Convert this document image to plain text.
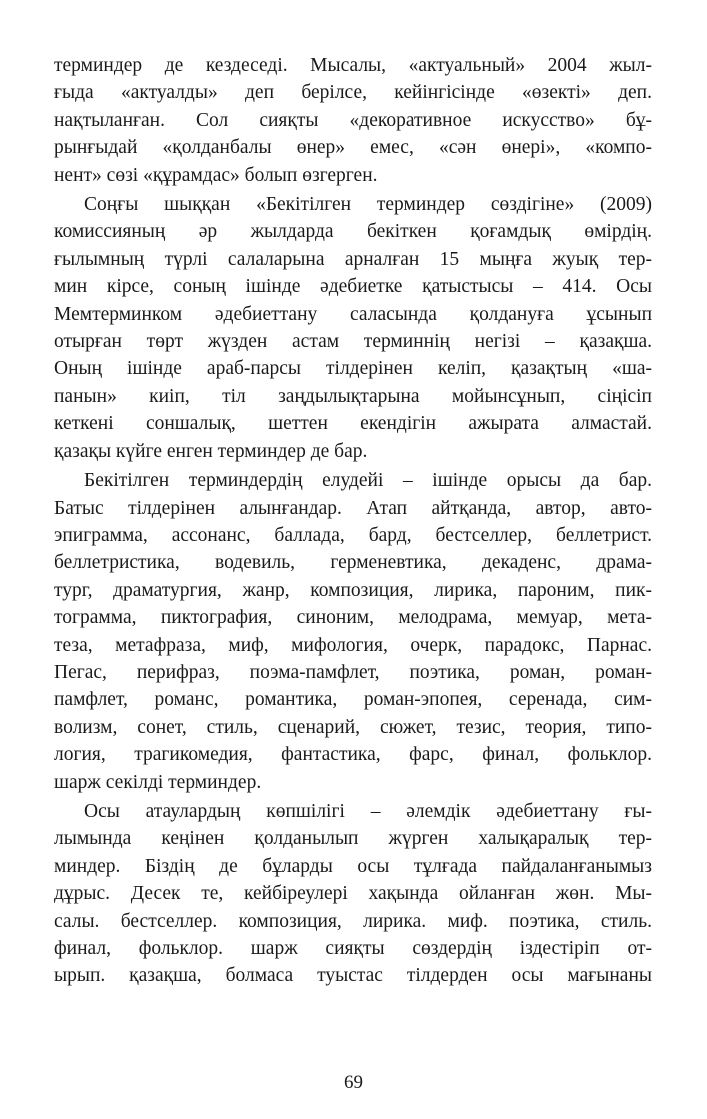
терминдер де кездеседі. Мысалы, «актуальный» 2004 жыл-
ғыда «актуалды» деп берілсе, кейінгісінде «өзекті» деп.
нақтыланған. Сол сияқты «декоративное искусство» бұ-
рынғыдай «қолданбалы өнер» емес, «сән өнері», «компо-
нент» сөзі «құрамдас» болып өзгерген.
Соңғы шыққан «Бекітілген терминдер сөздігіне» (2009)
комиссияның әр жылдарда бекіткен қоғамдық өмірдің.
ғылымның түрлі салаларына арналған 15 мыңға жуық тер-
мин кірсе, соның ішінде әдебиетке қатыстысы – 414. Осы
Мемтерминком әдебиеттану саласында қолдануға ұсынып
отырған төрт жүзден астам терминнің негізі – қазақша.
Оның ішінде араб-парсы тілдерінен келіп, қазақтың «ша-
панын» киіп, тіл заңдылықтарына мойынсұнып, сіңісіп
кеткені соншалық, шеттен екендігін ажырата алмастай.
қазақы күйге енген терминдер де бар.
Бекітілген терминдердің елудейі – ішінде орысы да бар.
Батыс тілдерінен алынғандар. Атап айтқанда, автор, авто-
эпиграмма, ассонанс, баллада, бард, бестселлер, беллетрист.
беллетристика, водевиль, герменевтика, декаденс, драма-
тург, драматургия, жанр, композиция, лирика, пароним, пик-
тограмма, пиктография, синоним, мелодрама, мемуар, мета-
теза, метафраза, миф, мифология, очерк, парадокс, Парнас.
Пегас, перифраз, поэма-памфлет, поэтика, роман, роман-
памфлет, романс, романтика, роман-эпопея, серенада, сим-
волизм, сонет, стиль, сценарий, сюжет, тезис, теория, типо-
логия, трагикомедия, фантастика, фарс, финал, фольклор.
шарж секілді терминдер.
Осы атаулардың көпшілігі – әлемдік әдебиеттану ғы-
лымында кеңінен қолданылып жүрген халықаралық тер-
миндер. Біздің де бұларды осы тұлғада пайдаланғанымыз
дұрыс. Десек те, кейбіреулері хақында ойланған жөн. Мы-
салы. бестселлер. композиция, лирика. миф. поэтика, стиль.
финал, фольклор. шарж сияқты сөздердің іздестіріп от-
ырып. қазақша, болмаса туыстас тілдерден осы мағынаны
69
